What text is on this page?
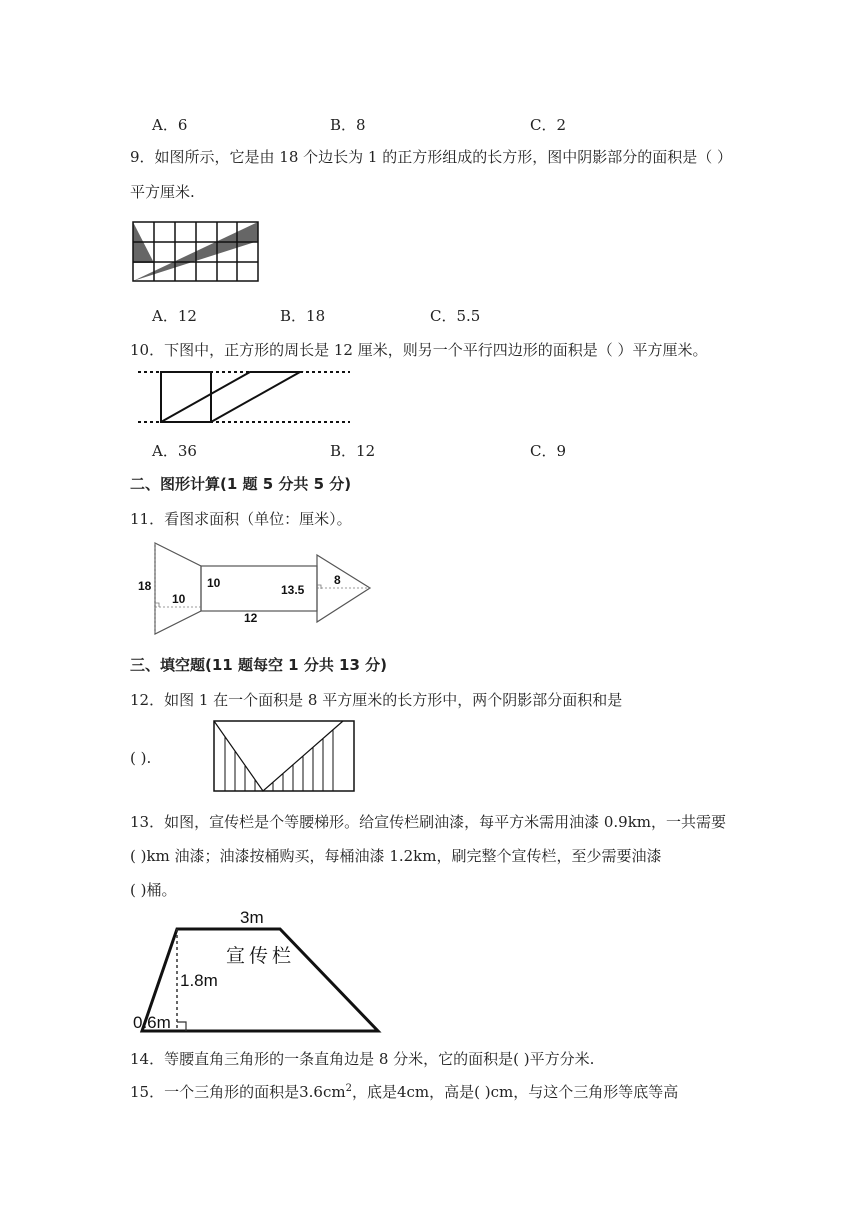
A．6	B．8	C．2
9．如图所示，它是由 18 个边长为 1 的正方形组成的长方形，图中阴影部分的面积是（ ）
平方厘米.
A．12	B．18	C．5.5
10．下图中，正方形的周长是 12 厘米，则另一个平行四边形的面积是（ ）平方厘米。
A．36	B．12	C．9
二、图形计算(1 题 5 分共 5 分)
11．看图求面积（单位：厘米）。
18
10
10	13.5
12
8
三、填空题(11 题每空 1 分共 13 分)
12．如图 1 在一个面积是 8 平方厘米的长方形中，两个阴影部分面积和是
( ).
13．如图，宣传栏是个等腰梯形。给宣传栏刷油漆，每平方米需用油漆 0.9km，一共需要
( )km 油漆；油漆按桶购买，每桶油漆 1.2km，刷完整个宣传栏，至少需要油漆
( )桶。
3m
1.8m
0.6m
宣传栏
14．等腰直角三角形的一条直角边是 8 分米，它的面积是( )平方分米.
15．一个三角形的面积是$3.6cm^2$，底是4cm，高是( )cm，与这个三角形等底等高
